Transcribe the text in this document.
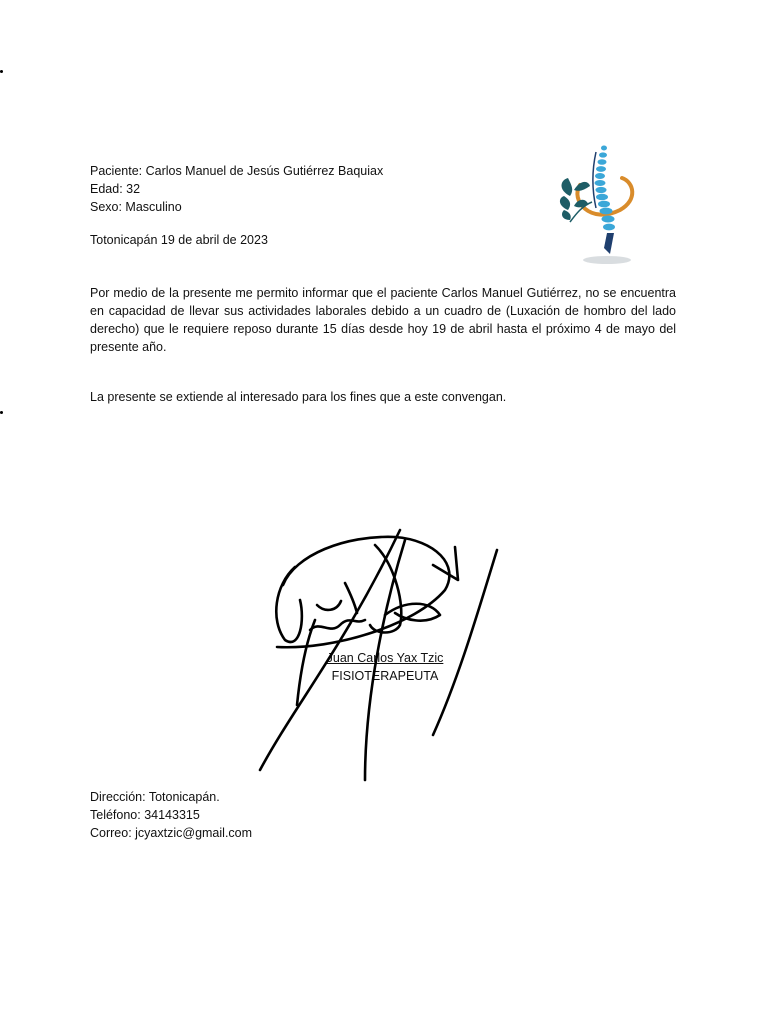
Paciente: Carlos Manuel de Jesús Gutiérrez Baquiax
Edad: 32
Sexo: Masculino
Totonicapán 19 de abril de 2023
Por medio de la presente me permito informar que el paciente Carlos Manuel Gutiérrez, no se encuentra en capacidad de llevar sus actividades laborales debido a un cuadro de (Luxación de hombro del lado derecho) que le requiere reposo durante 15 días desde hoy 19 de abril hasta el próximo 4 de mayo del presente año.
La presente se extiende al interesado para los fines que a este convengan.
Juan Carlos Yax Tzic
FISIOTERAPEUTA
Dirección: Totonicapán.
Teléfono: 34143315
Correo: jcyaxtzic@gmail.com
